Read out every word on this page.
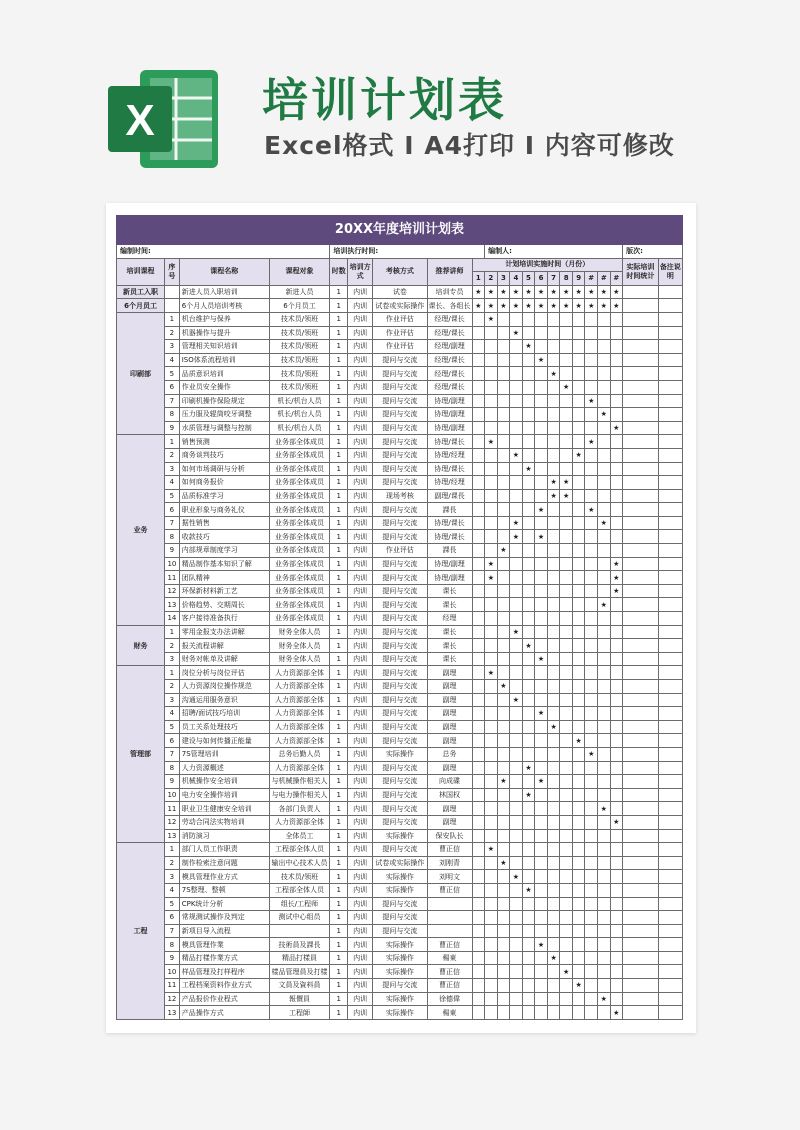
X 培训计划表
Excel格式 I A4打印 I 内容可修改
20XX年度培训计划表																					
编制时间:				培训执行时间:					编制人:											版次:	
培训课程	序号	课程名称	课程对象	时数	培训方式	考核方式	推荐讲师	计划培训实施时间（月份）												实际培训时间统计	备注说明
								1	2	3	4	5	6	7	8	9	#	#	#		
新员工入职		新进人员入职培训	新进人员	1	内训	试卷	培训专员	★	★	★	★	★	★	★	★	★	★	★	★		
6个月员工		6个月人员培训考核	6个月员工	1	内训	试卷或实际操作	课长、各组长	★	★	★	★	★	★	★	★	★	★	★	★		
印刷部	1	机台维护与保养	技术员/领班	1	内训	作业评估	经理/课长		★												
	2	机器操作与提升	技术员/领班	1	内训	作业评估	经理/课长				★										
	3	管理相关知识培训	技术员/领班	1	内训	作业评估	经理/副理					★									
	4	ISO体系流程培训	技术员/领班	1	内训	提问与交流	经理/课长						★								
	5	品质意识培训	技术员/领班	1	内训	提问与交流	经理/课长							★							
	6	作业员安全操作	技术员/领班	1	内训	提问与交流	经理/课长								★						
	7	印刷机操作保险规定	机长/机台人员	1	内训	提问与交流	协理/副理										★				
	8	压力服及辊筒咬牙调整	机长/机台人员	1	内训	提问与交流	协理/副理											★			
	9	水质管理与调整与控制	机长/机台人员	1	内训	提问与交流	协理/副理												★		
业务	1	销售预测	业务部全体成员	1	内训	提问与交流	协理/课长		★								★				
	2	商务谈判技巧	业务部全体成员	1	内训	提问与交流	协理/经理				★					★					
	3	如何市场调研与分析	业务部全体成员	1	内训	提问与交流	协理/课长					★									
	4	如何商务报价	业务部全体成员	1	内训	提问与交流	协理/经理							★	★						
	5	品质标准学习	业务部全体成员	1	内训	现场考核	副理/课長							★	★						
	6	职业形象与商务礼仪	业务部全体成员	1	内训	提问与交流	課長						★				★				
	7	据性销售	业务部全体成员	1	内训	提问与交流	协理/课长				★							★			
	8	收款技巧	业务部全体成员	1	内训	提问与交流	协理/课长				★		★								
	9	内部规章制度学习	业务部全体成员	1	内训	作业评估	課長			★											
	10	精品制作基本知识了解	业务部全体成员	1	内训	提问与交流	协理/副理		★										★		
	11	团队精神	业务部全体成员	1	内训	提问与交流	协理/副理		★										★		
	12	环保新材料新工艺	业务部全体成员	1	内训	提问与交流	课长												★		
	13	价格趋势、交期周长	业务部全体成员	1	内训	提问与交流	课长											★			
	14	客户接待准备执行	业务部全体成员	1	内训	提问与交流	经理														
财务	1	零用金报支办法讲解	财务全体人员	1	内训	提问与交流	课长				★										
	2	报关流程讲解	财务全体人员	1	内训	提问与交流	课长					★									
	3	财务对帐单及讲解	财务全体人员	1	内训	提问与交流	课长						★								
管理部	1	岗位分析与岗位评估	人力资源部全体	1	内训	提问与交流	副理		★												
	2	人力资源岗位操作规范	人力资源部全体	1	内训	提问与交流	副理			★											
	3	沟通运用服务意识	人力资源部全体	1	内训	提问与交流	副理				★										
	4	招聘/面试技巧培训	人力资源部全体	1	内训	提问与交流	副理						★								
	5	员工关系处理技巧	人力资源部全体	1	内训	提问与交流	副理							★							
	6	建设与如何传播正能量	人力资源部全体	1	内训	提问与交流	副理									★					
	7	7S管理培训	总务后勤人员	1	内训	实际操作	总务										★				
	8	人力资源概述	人力资源部全体	1	内训	提问与交流	副理					★									
	9	机械操作安全培训	与机械操作相关人	1	内训	提问与交流	向成碟			★			★								
	10	电力安全操作培训	与电力操作相关人	1	内训	提问与交流	林国权					★									
	11	职业卫生健康安全培训	各部门负责人	1	内训	提问与交流	副理											★			
	12	劳动合同法实物培训	人力资源部全体	1	内训	提问与交流	副理												★		
	13	消防演习	全体员工	1	内训	实际操作	保安队长														
工程	1	部门人员工作职责	工程部全体人员	1	内训	提问与交流	曹正信		★												
	2	制作检索注意问题	输出中心技术人员	1	内训	试卷或实际操作	刘刚青			★											
	3	模具管理作业方式	技术员/领班	1	内训	实际操作	刘明文				★										
	4	7S整理、整顿	工程部全体人员	1	内训	实际操作	曹正信					★									
	5	CPK统计分析	组长/工程师	1	内训	提问与交流															
	6	常规测试操作及判定	测试中心组员	1	内训	提问与交流															
	7	新项目导入流程		1	内训	提问与交流															
	8	模具管理作業	技術員及課長	1	内训	实际操作	曹正信						★								
	9	精品打樣作業方式	精品打樣員	1	内训	实际操作	楊東							★							
	10	样品管理及打样程序	樣品管理員及打樣	1	内训	实际操作	曹正信								★						
	11	工程档案资料作业方式	文員及資料員	1	内训	提问与交流	曹正信									★					
	12	产品报价作业程式	報價員	1	内训	实际操作	徐德偉											★			
	13	产品操作方式	工程師	1	内训	实际操作	楊東												★		
